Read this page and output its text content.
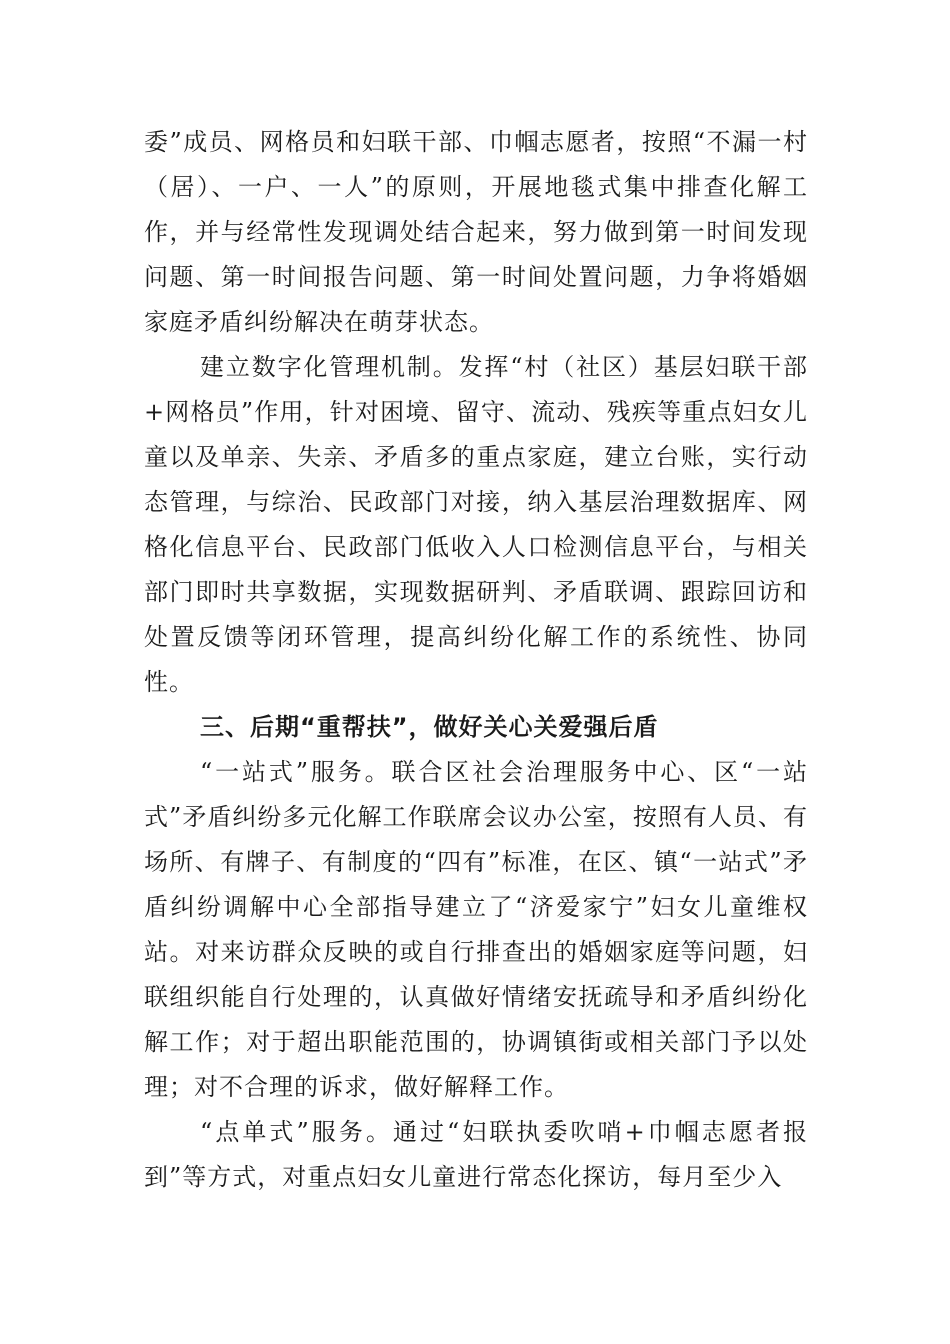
委”成员、网格员和妇联干部、巾帼志愿者，按照“不漏一村（居）、一户、一人”的原则，开展地毯式集中排查化解工作，并与经常性发现调处结合起来，努力做到第一时间发现问题、第一时间报告问题、第一时间处置问题，力争将婚姻家庭矛盾纠纷解决在萌芽状态。

建立数字化管理机制。发挥“村（社区）基层妇联干部+网格员”作用，针对困境、留守、流动、残疾等重点妇女儿童以及单亲、失亲、矛盾多的重点家庭，建立台账，实行动态管理，与综治、民政部门对接，纳入基层治理数据库、网格化信息平台、民政部门低收入人口检测信息平台，与相关部门即时共享数据，实现数据研判、矛盾联调、跟踪回访和处置反馈等闭环管理，提高纠纷化解工作的系统性、协同性。

三、后期“重帮扶”，做好关心关爱强后盾

“一站式”服务。联合区社会治理服务中心、区“一站式”矛盾纠纷多元化解工作联席会议办公室，按照有人员、有场所、有牌子、有制度的“四有”标准，在区、镇“一站式”矛盾纠纷调解中心全部指导建立了“济爱家宁”妇女儿童维权站。对来访群众反映的或自行排查出的婚姻家庭等问题，妇联组织能自行处理的，认真做好情绪安抚疏导和矛盾纠纷化解工作；对于超出职能范围的，协调镇街或相关部门予以处理；对不合理的诉求，做好解释工作。

“点单式”服务。通过“妇联执委吹哨+巾帼志愿者报到”等方式，对重点妇女儿童进行常态化探访，每月至少入
